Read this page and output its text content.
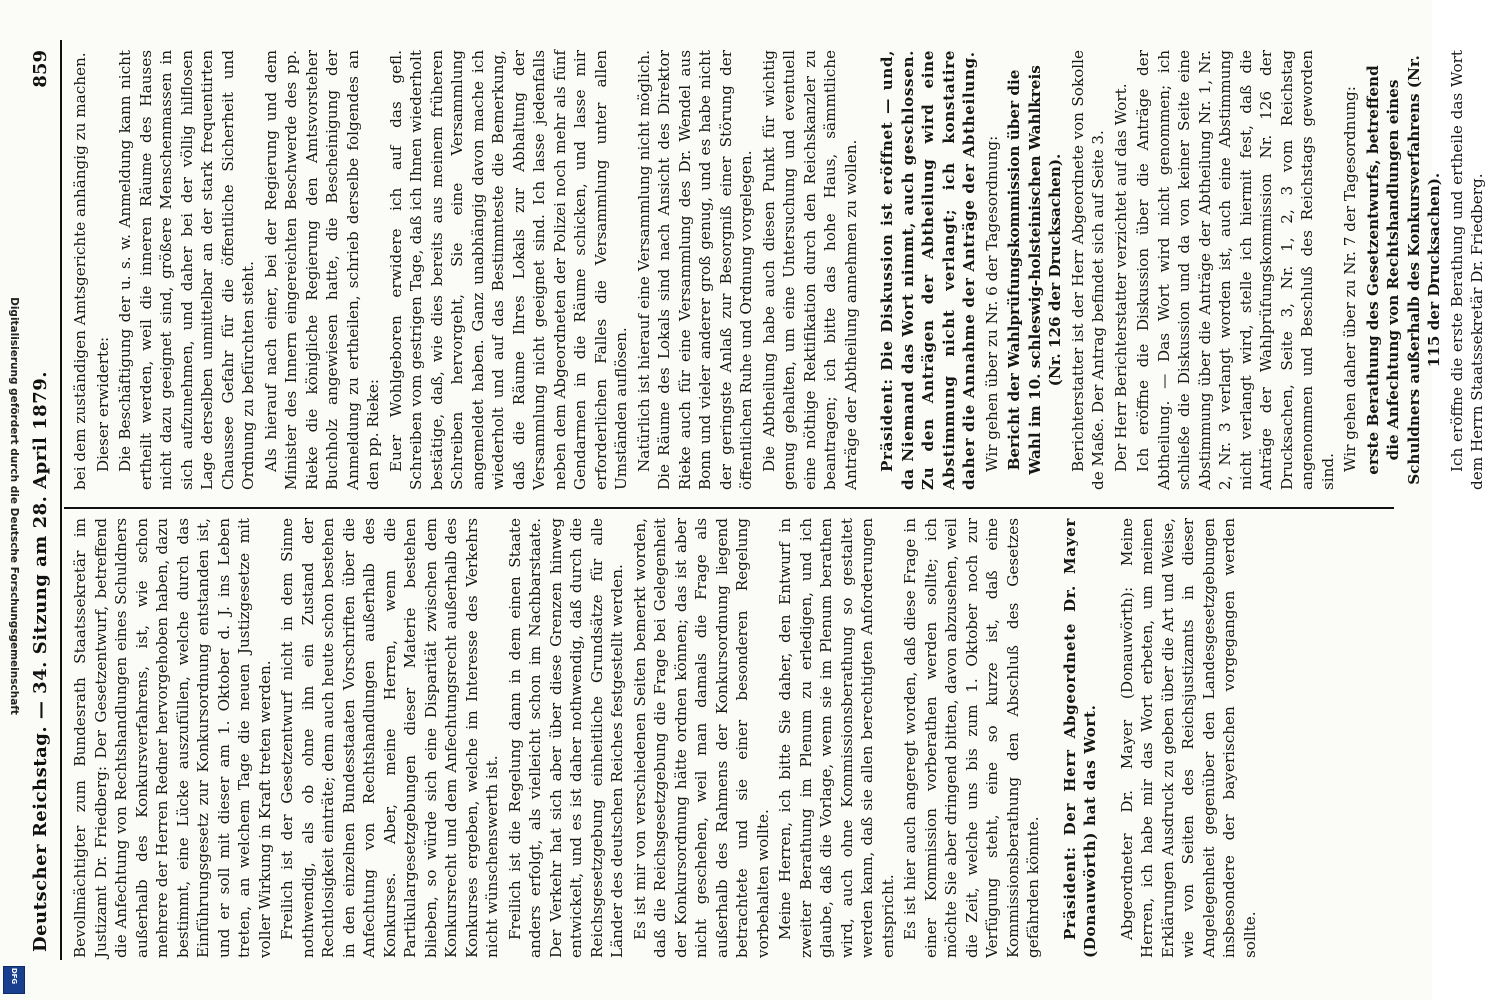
Deutscher Reichstag. — 34. Sitzung am 28. April 1879.
859

Bevollmächtigter zum Bundesrath Staatssekretär im Justizamt Dr. Friedberg: Der Gesetzentwurf, betreffend die Anfechtung von Rechtshandlungen eines Schuldners außerhalb des Konkursverfahrens, ist, wie schon mehrere der Herren Redner hervorgehoben haben, dazu bestimmt, eine Lücke auszufüllen, welche durch das Einführungsgesetz zur Konkursordnung entstanden ist, und er soll mit dieser am 1. Oktober d. J. ins Leben treten, an welchem Tage die neuen Justizgesetze mit voller Wirkung in Kraft treten werden. Freilich ist der Gesetzentwurf nicht in dem Sinne nothwendig, als ob ohne ihn ein Zustand der Rechtlosigkeit einträte; denn auch heute schon bestehen in den einzelnen Bundesstaaten Vorschriften über die Anfechtung von Rechtshandlungen außerhalb des Konkurses. Aber, meine Herren, wenn die Partikulargesetzgebungen dieser Materie bestehen blieben, so würde sich eine Disparität zwischen dem Konkursrecht und dem Anfechtungsrecht außerhalb des Konkurses ergeben, welche im Interesse des Verkehrs nicht wünschenswerth ist. Freilich ist die Regelung dann in dem einen Staate anders erfolgt, als vielleicht schon im Nachbarstaate. Der Verkehr hat sich aber über diese Grenzen hinweg entwickelt, und es ist daher nothwendig, daß durch die Reichsgesetzgebung einheitliche Grundsätze für alle Länder des deutschen Reiches festgestellt werden. Es ist mir von verschiedenen Seiten bemerkt worden, daß die Reichsgesetzgebung die Frage bei Gelegenheit der Konkursordnung hätte ordnen können; das ist aber nicht geschehen, weil man damals die Frage als außerhalb des Rahmens der Konkursordnung liegend betrachtete und sie einer besonderen Regelung vorbehalten wollte. Meine Herren, ich bitte Sie daher, den Entwurf in zweiter Berathung im Plenum zu erledigen, und ich glaube, daß die Vorlage, wenn sie im Plenum berathen wird, auch ohne Kommissionsberathung so gestaltet werden kann, daß sie allen berechtigten Anforderungen entspricht. Es ist hier auch angeregt worden, daß diese Frage in einer Kommission vorberathen werden sollte; ich möchte Sie aber dringend bitten, davon abzusehen, weil die Zeit, welche uns bis zum 1. Oktober noch zur Verfügung steht, eine so kurze ist, daß eine Kommissionsberathung den Abschluß des Gesetzes gefährden könnte. Präsident: Der Herr Abgeordnete Dr. Mayer (Donauwörth) hat das Wort. Abgeordneter Dr. Mayer (Donauwörth): Meine Herren, ich habe mir das Wort erbeten, um meinen Erklärungen Ausdruck zu geben über die Art und Weise, wie von Seiten des Reichsjustizamts in dieser Angelegenheit gegenüber den Landesgesetzgebungen insbesondere der bayerischen vorgegangen werden sollte.

bei dem zuständigen Amtsgerichte anhängig zu machen. Dieser erwiderte: Die Beschäftigung der u. s. w. Anmeldung kann nicht ertheilt werden, weil die inneren Räume des Hauses nicht dazu geeignet sind, größere Menschenmassen in sich aufzunehmen, und daher bei der völlig hilflosen Lage derselben unmittelbar an der stark frequentirten Chaussee Gefahr für die öffentliche Sicherheit und Ordnung zu befürchten steht. Als hierauf nach einer, bei der Regierung und dem Minister des Innern eingereichten Beschwerde des pp. Rieke die königliche Regierung den Amtsvorsteher Buchholz angewiesen hatte, die Bescheinigung der Anmeldung zu ertheilen, schrieb derselbe folgendes an den pp. Rieke: Euer Wohlgeboren erwidere ich auf das gefl. Schreiben vom gestrigen Tage, daß ich Ihnen wiederholt bestätige, daß, wie dies bereits aus meinem früheren Schreiben hervorgeht, Sie eine Versammlung angemeldet haben. Ganz unabhängig davon mache ich wiederholt und auf das Bestimmteste die Bemerkung, daß die Räume Ihres Lokals zur Abhaltung der Versammlung nicht geeignet sind. Ich lasse jedenfalls neben dem Abgeordneten der Polizei noch mehr als fünf Gendarmen in die Räume schicken, und lasse mir erforderlichen Falles die Versammlung unter allen Umständen auflösen. Natürlich ist hierauf eine Versammlung nicht möglich. Die Räume des Lokals sind nach Ansicht des Direktor Rieke auch für eine Versammlung des Dr. Wendel aus Bonn und vieler anderer groß genug, und es habe nicht der geringste Anlaß zur Besorgniß einer Störung der öffentlichen Ruhe und Ordnung vorgelegen. Die Abtheilung habe auch diesen Punkt für wichtig genug gehalten, um eine Untersuchung und eventuell eine nöthige Rektifikation durch den Reichskanzler zu beantragen; ich bitte das hohe Haus, sämmtliche Anträge der Abtheilung annehmen zu wollen. Präsident: Die Diskussion ist eröffnet — und, da Niemand das Wort nimmt, auch geschlossen. Zu den Anträgen der Abtheilung wird eine Abstimmung nicht verlangt; ich konstatire daher die Annahme der Anträge der Abtheilung. Wir gehen über zu Nr. 6 der Tagesordnung: Bericht der Wahlprüfungskommission über die Wahl im 10. schleswig-holsteinischen Wahlkreis (Nr. 126 der Drucksachen). Berichterstatter ist der Herr Abgeordnete von Sokolle de Maße. Der Antrag befindet sich auf Seite 3. Der Herr Berichterstatter verzichtet auf das Wort. Ich eröffne die Diskussion über die Anträge der Abtheilung. — Das Wort wird nicht genommen; ich schließe die Diskussion und da von keiner Seite eine Abstimmung über die Anträge der Abtheilung Nr. 1, Nr. 2, Nr. 3 verlangt worden ist, auch eine Abstimmung nicht verlangt wird, stelle ich hiermit fest, daß die Anträge der Wahlprüfungskommission Nr. 126 der Drucksachen, Seite 3, Nr. 1, 2, 3 vom Reichstag angenommen und Beschluß des Reichstags geworden sind. Wir gehen daher über zu Nr. 7 der Tagesordnung: erste Berathung des Gesetzentwurfs, betreffend die Anfechtung von Rechtshandlungen eines Schuldners außerhalb des Konkursverfahrens (Nr. 115 der Drucksachen). Ich eröffne die erste Berathung und ertheile das Wort dem Herrn Staatssekretär Dr. Friedberg.

Digitalisierung gefördert durch die Deutsche Forschungsgemeinschaft
DFG
